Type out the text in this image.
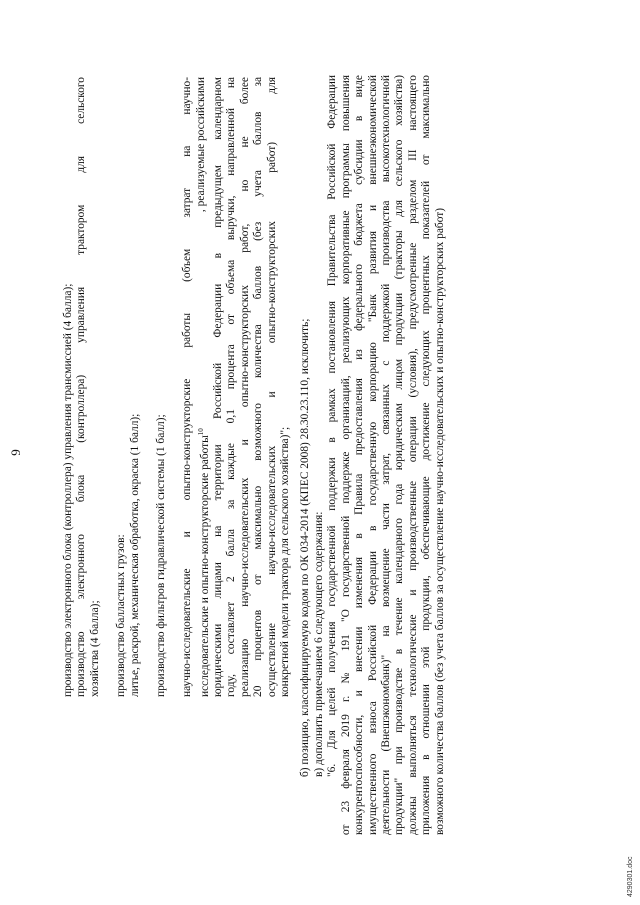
9	производство электронного блока (контроллера) управления трансмиссией (4 балла); производство электронного блока (контроллера) управления трактором для сельского хозяйства (4 балла); производство балластных грузов: литье, раскрой, механическая обработка, окраска (1 балл); производство фильтров гидравлической системы (1 балл); научно-исследовательские и опытно-конструкторские работы (объем затрат на научно- исследовательские и опытно-конструкторские работы$^{10}$
, реализуемые российскими юридическими лицами на территории Российской Федерации в предыдущем календарном году, составляет 2 балла за каждые 0,1 процента от объема выручки, направленной на реализацию научно-исследовательских и опытно-конструкторских работ, но не более 20 процентов от максимально возможного количества баллов (без учета баллов за осуществление научно-исследовательских и опытно-конструкторских работ) для конкретной модели трактора для сельского хозяйства)"; б) позицию, классифицируемую кодом по ОК 034-2014 (КПЕС 2008) 28.30.23.110, исключить; в) дополнить примечанием 6 следующего содержания: "6. Для целей получения государственной поддержки в рамках постановления Правительства Российской Федерации от 23 февраля 2019 г. № 191 "О государственной поддержке организаций, реализующих корпоративные программы повышения конкурентоспособности, и внесении изменения в Правила предоставления из федерального бюджета субсидии в виде имущественного взноса Российской Федерации в государственную корпорацию "Банк развития и внешнеэкономической деятельности (Внешэкономбанк)" на возмещение части затрат, связанных с поддержкой производства высокотехнологичной продукции" при производстве в течение календарного года юридическим лицом продукции (тракторы для сельского хозяйства) должны выполняться технологические и производственные операции (условия), предусмотренные разделом III настоящего приложения в отношении этой продукции, обеспечивающие достижение следующих процентных показателей от максимально возможного количества баллов (без учета баллов за осуществление научно-исследовательских и опытно-конструкторских работ)
4290301.doc
